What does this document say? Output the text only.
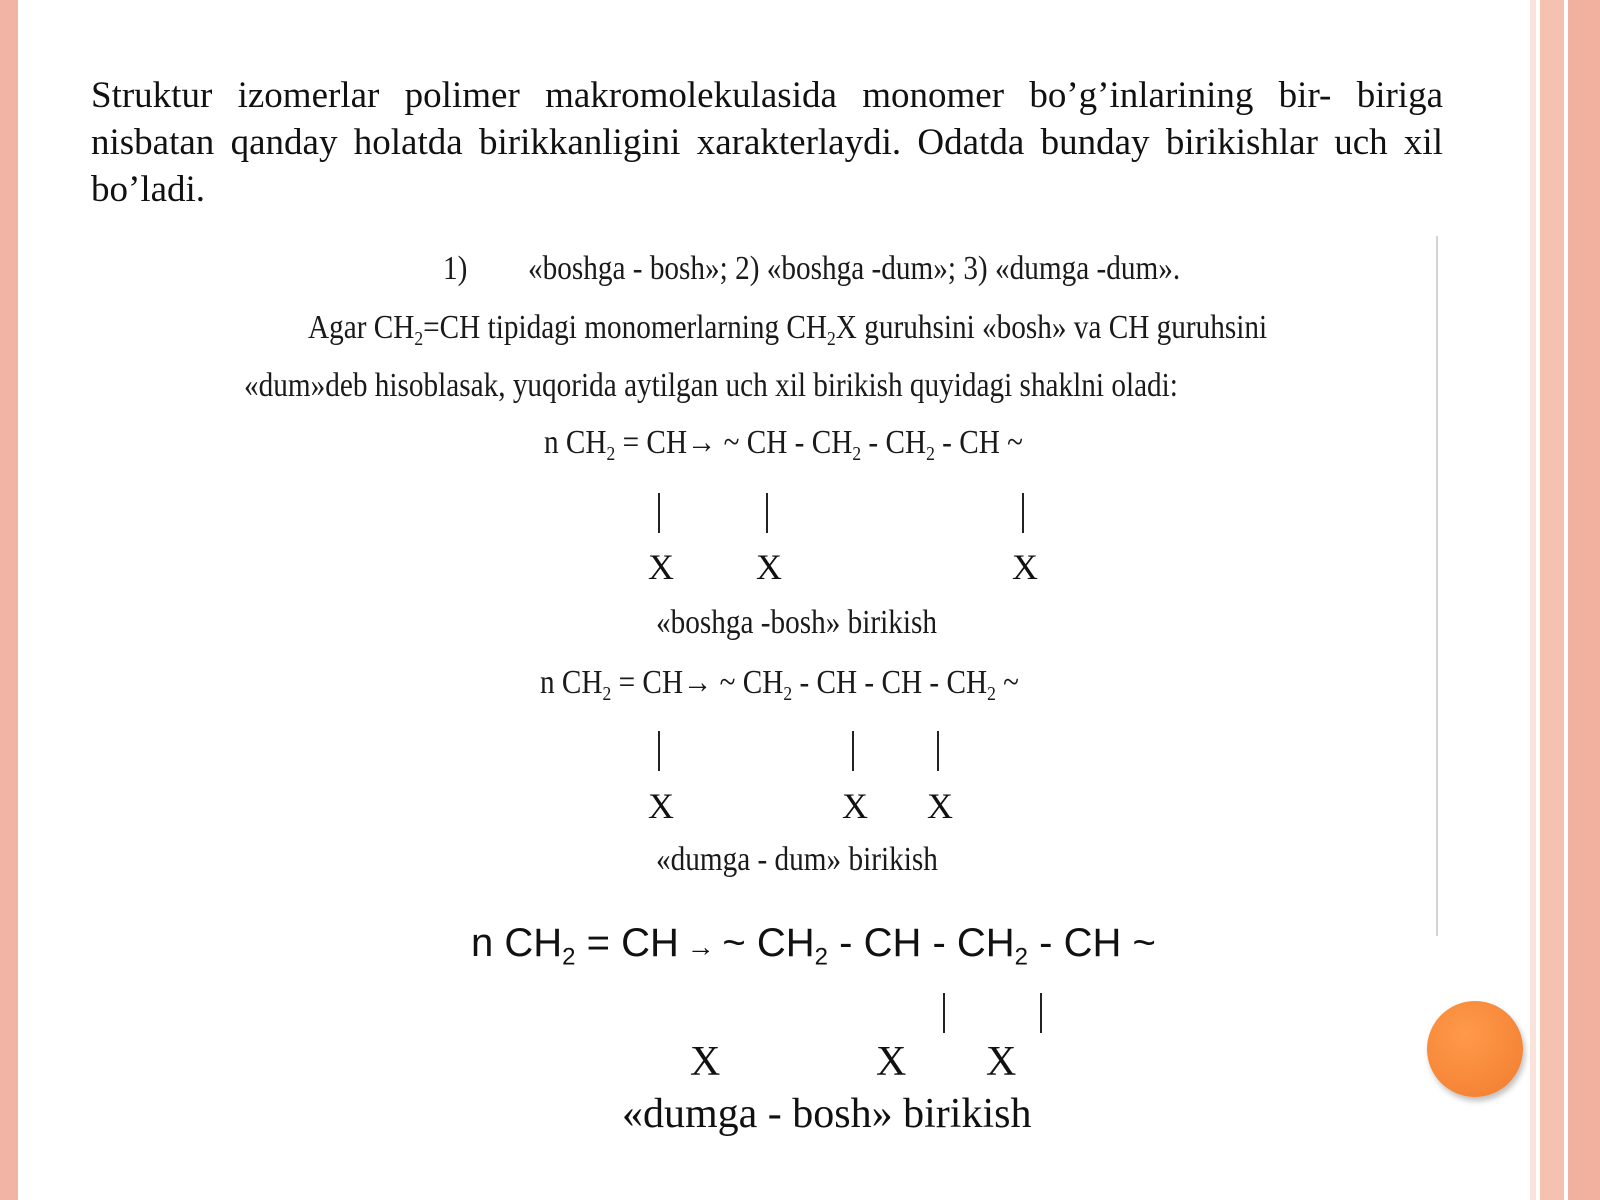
Struktur izomerlar polimer makromolekulasida monomer bo’g’inlarining bir- biriga nisbatan qanday holatda birikkanligini xarakterlaydi. Odatda bunday birikishlar uch xil bo’ladi.
1) «boshga - bosh»; 2) «boshga -dum»; 3) «dumga -dum».
Agar $CH_2=CH$ tipidagi monomerlarning $CH_2X$ guruhsini «bosh» va CH guruhsini
«dum»deb hisoblasak, yuqorida aytilgan uch xil birikish quyidagi shaklni oladi:
n $CH_2 = CH\to$ ~ CH - $CH_2 - CH_2$ - CH ~
X X	X
«boshga -bosh» birikish
n $CH_2 = CH\to$ ~ $CH_2$ - CH - CH - $CH_2$ ~
X	X X
«dumga - dum» birikish
n $CH_2$ = CH → ~ $CH_2$ - CH - $CH_2$ - CH ~
X	X X
«dumga - bosh» birikish
